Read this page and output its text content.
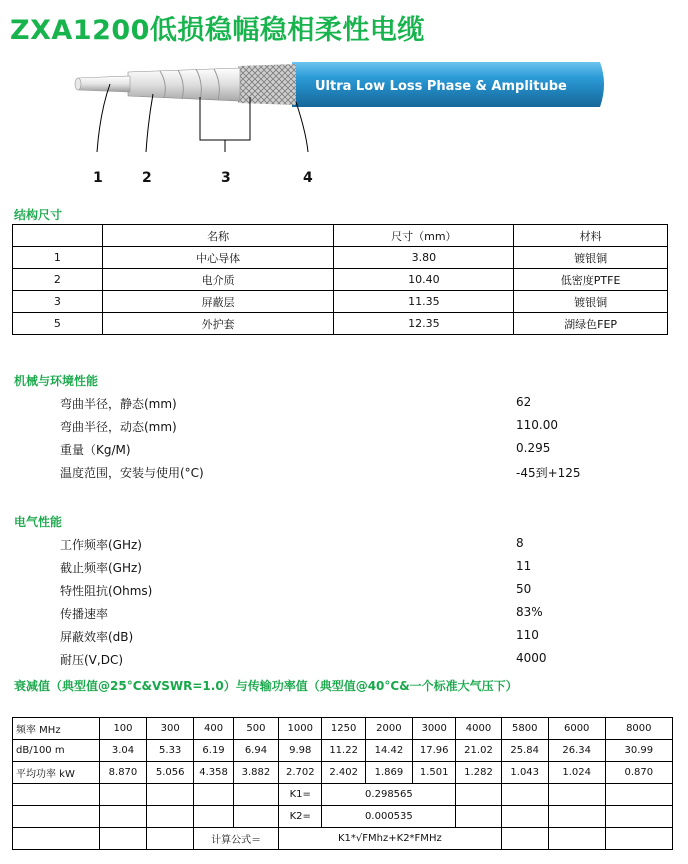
ZXA1200低损稳幅稳相柔性电缆
Ultra Low Loss Phase & Amplitube
1	2	3	4
结构尺寸
	名称	尺寸（mm）	材料
1	中心导体	3.80	镀银铜
2	电介质	10.40	低密度PTFE
3	屏蔽层	11.35	镀银铜
5	外护套	12.35	湖绿色FEP
机械与环境性能
弯曲半径，静态(mm)	62
弯曲半径，动态(mm)	110.00
重量（Kg/M)	0.295
温度范围，安装与使用(°C)	-45到+125
电气性能
工作频率(GHz)	8
截止频率(GHz)	11
特性阻抗(Ohms)	50
传播速率	83%
屏蔽效率(dB)	110
耐压(V,DC)	4000
衰减值（典型值@25°C&VSWR=1.0）与传输功率值（典型值@40°C&一个标准大气压下）
频率 MHz	100	300	400	500	1000	1250	2000	3000	4000	5800	6000	8000
dB/100 m	3.04	5.33	6.19	6.94	9.98	11.22	14.42	17.96	21.02	25.84	26.34	30.99
平均功率 kW	8.870	5.056	4.358	3.882	2.702	2.402	1.869	1.501	1.282	1.043	1.024	0.870
					K1=	0.298565						
					K2=	0.000535						
			计算公式＝		K1*√FMhz+K2*FMHz							
